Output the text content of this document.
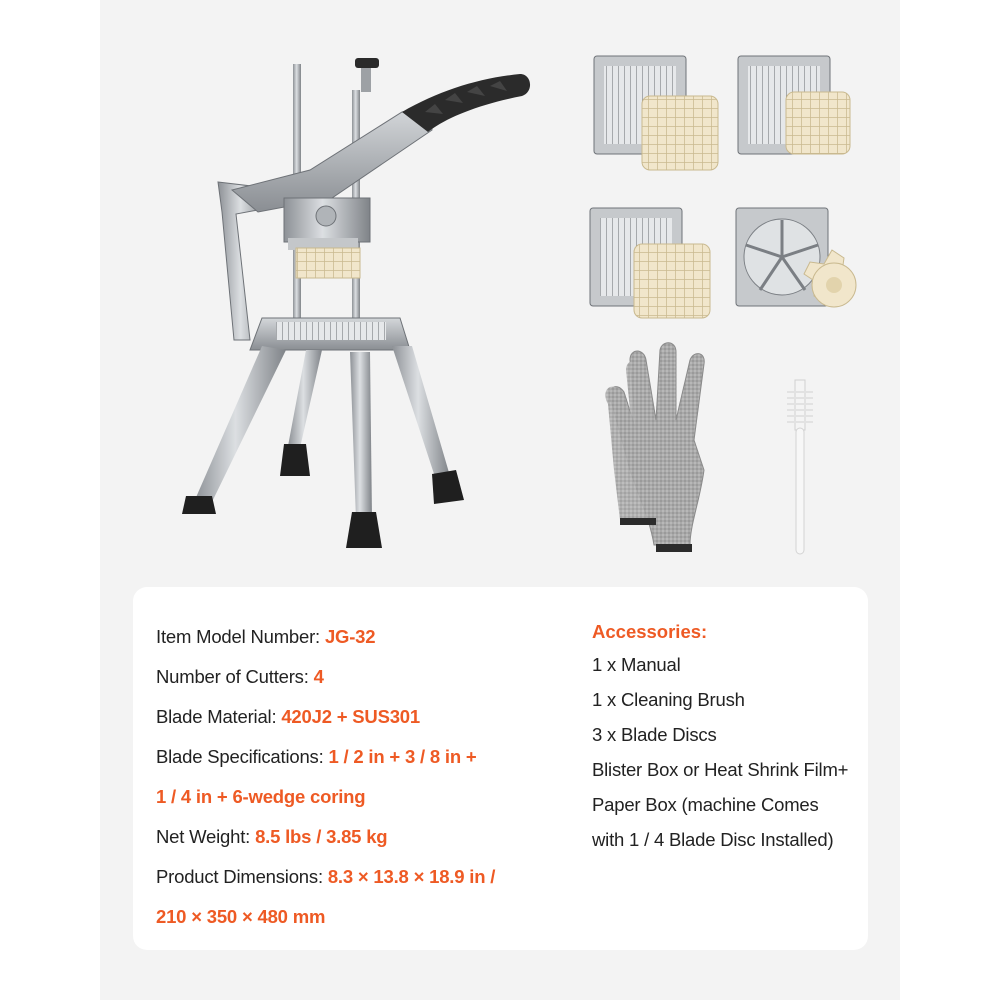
Item Model Number: JG-32
Number of Cutters: 4
Blade Material: 420J2 + SUS301
Blade Specifications: 1 / 2 in + 3 / 8 in +
1 / 4 in + 6-wedge coring
Net Weight: 8.5 lbs / 3.85 kg
Product Dimensions: 8.3 × 13.8 × 18.9 in /
210 × 350 × 480 mm
Accessories:
1 x Manual
1 x Cleaning Brush
3 x Blade Discs
Blister Box or Heat Shrink Film+
Paper Box (machine Comes
with 1 / 4 Blade Disc Installed)
